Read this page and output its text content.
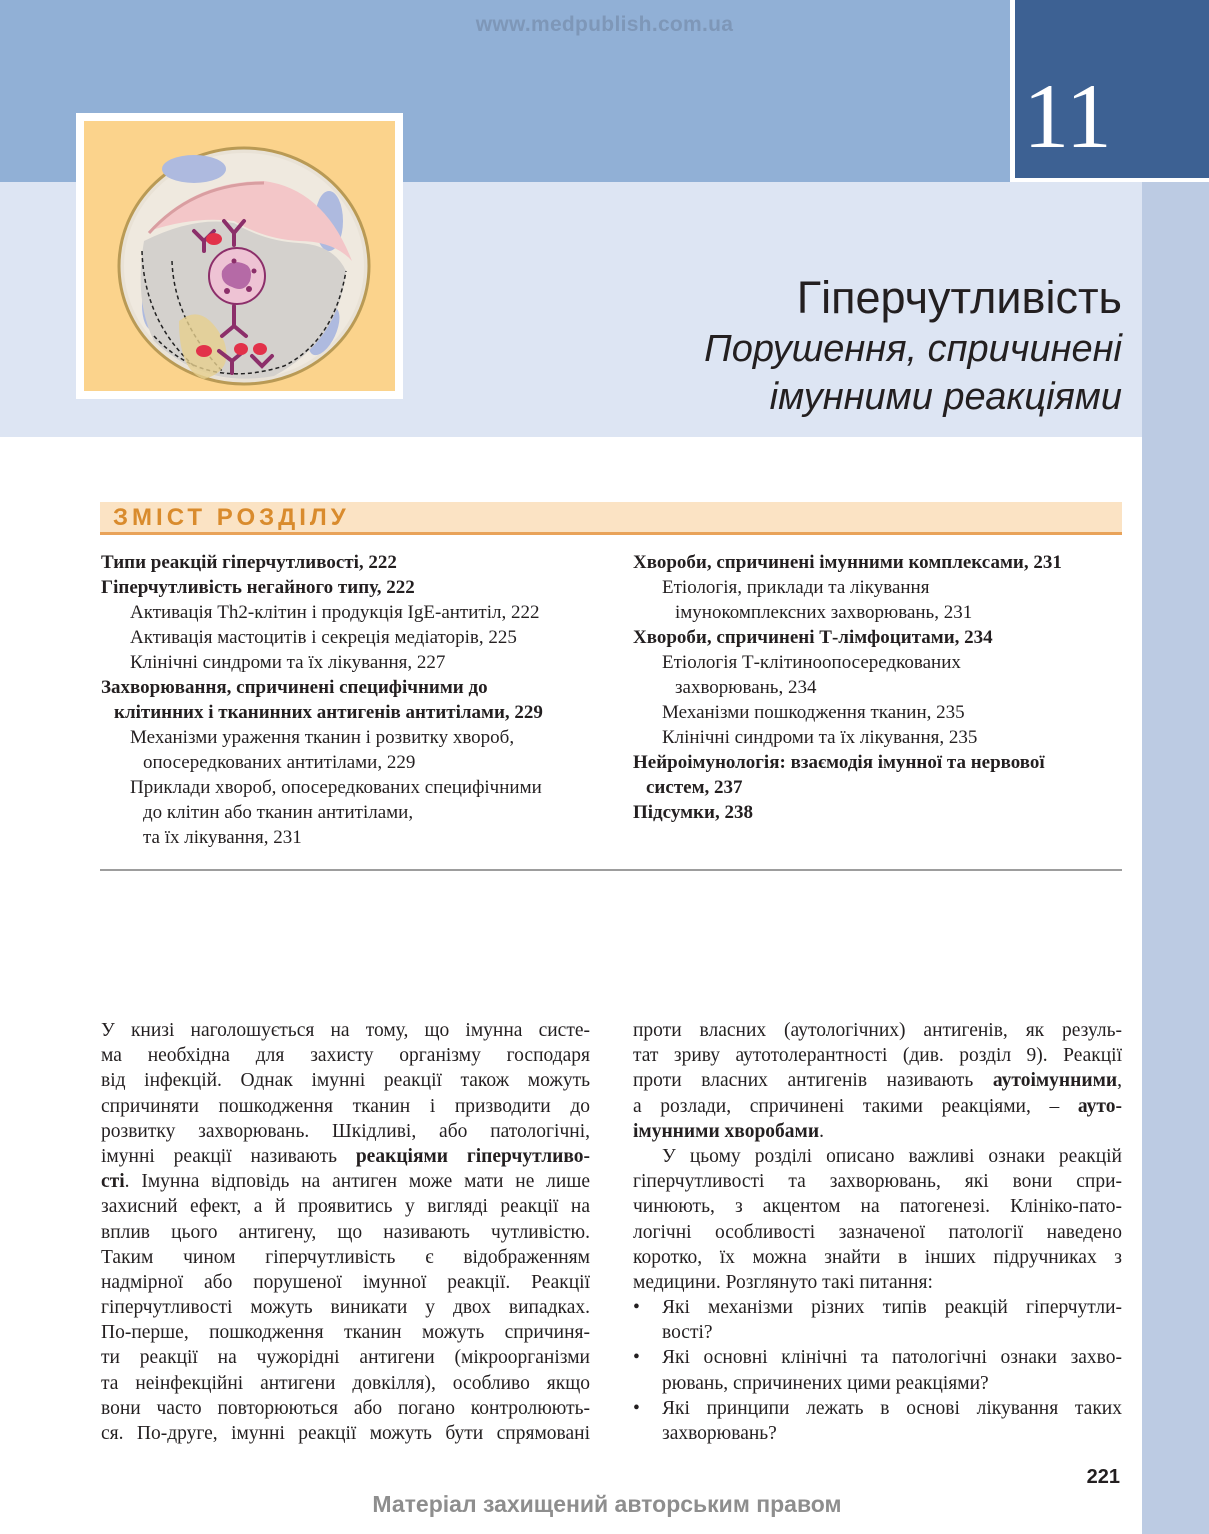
11
www.medpublish.com.ua
Гіперчутливість
Порушення, спричинені
імунними реакціями
ЗМІСТ РОЗДІЛУ
Типи реакцій гіперчутливості, 222
Гіперчутливість негайного типу, 222
Активація Th2-клітин і продукція IgE-антитіл, 222
Активація мастоцитів і секреція медіаторів, 225
Клінічні синдроми та їх лікування, 227
Захворювання, спричинені специфічними до
клітинних і тканинних антигенів антитілами, 229
Механізми ураження тканин і розвитку хвороб,
опосередкованих антитілами, 229
Приклади хвороб, опосередкованих специфічними
до клітин або тканин антитілами,
та їх лікування, 231
Хвороби, спричинені імунними комплексами, 231
Етіологія, приклади та лікування
імунокомплексних захворювань, 231
Хвороби, спричинені Т-лімфоцитами, 234
Етіологія Т-клітиноопосередкованих
захворювань, 234
Механізми пошкодження тканин, 235
Клінічні синдроми та їх лікування, 235
Нейроімунологія: взаємодія імунної та нервової
систем, 237
Підсумки, 238
У книзі наголошується на тому, що імунна систе-
ма необхідна для захисту організму господаря
від інфекцій. Однак імунні реакції також можуть
спричиняти пошкодження тканин і призводити до
розвитку захворювань. Шкідливі, або патологічні,
імунні реакції називають реакціями гіперчутливо-
сті. Імунна відповідь на антиген може мати не лише
захисний ефект, а й проявитись у вигляді реакції на
вплив цього антигену, що називають чутливістю.
Таким чином гіперчутливість є відображенням
надмірної або порушеної імунної реакції. Реакції
гіперчутливості можуть виникати у двох випадках.
По-перше, пошкодження тканин можуть спричиня-
ти реакції на чужорідні антигени (мікроорганізми
та неінфекційні антигени довкілля), особливо якщо
вони часто повторюються або погано контролюють-
ся. По-друге, імунні реакції можуть бути спрямовані
проти власних (аутологічних) антигенів, як резуль-
тат зриву аутотолерантності (див. розділ 9). Реакції
проти власних антигенів називають аутоімунними,
а розлади, спричинені такими реакціями, – ауто-
імунними хворобами.
У цьому розділі описано важливі ознаки реакцій
гіперчутливості та захворювань, які вони спри-
чинюють, з акцентом на патогенезі. Клініко-пато-
логічні особливості зазначеної патології наведено
коротко, їх можна знайти в інших підручниках з
медицини. Розглянуто такі питання:
• Які механізми різних типів реакцій гіперчутли-
вості?
• Які основні клінічні та патологічні ознаки захво-
рювань, спричинених цими реакціями?
• Які принципи лежать в основі лікування таких
захворювань?
221
Матеріал захищений авторським правом
